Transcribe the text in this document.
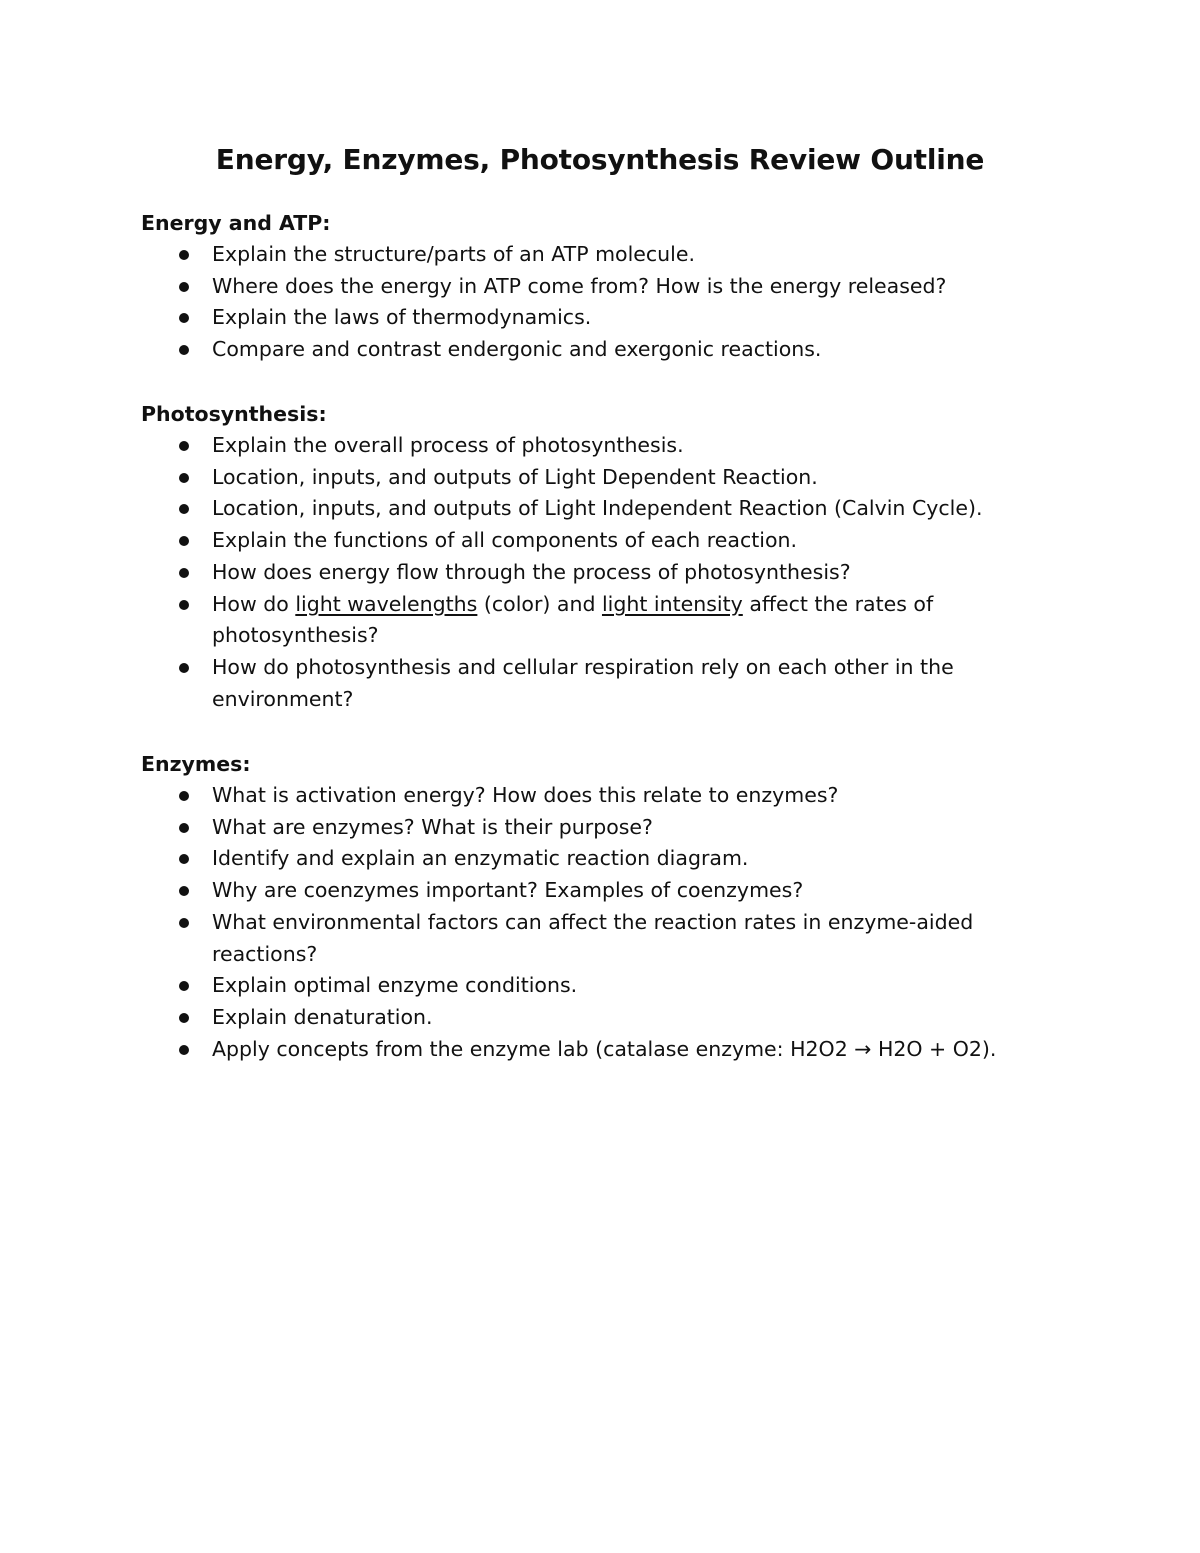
Energy, Enzymes, Photosynthesis Review Outline
Energy and ATP:
Explain the structure/parts of an ATP molecule.
Where does the energy in ATP come from? How is the energy released?
Explain the laws of thermodynamics.
Compare and contrast endergonic and exergonic reactions.
Photosynthesis:
Explain the overall process of photosynthesis.
Location, inputs, and outputs of Light Dependent Reaction.
Location, inputs, and outputs of Light Independent Reaction (Calvin Cycle).
Explain the functions of all components of each reaction.
How does energy flow through the process of photosynthesis?
How do light wavelengths (color) and light intensity affect the rates of
photosynthesis?
How do photosynthesis and cellular respiration rely on each other in the
environment?
Enzymes:
What is activation energy? How does this relate to enzymes?
What are enzymes? What is their purpose?
Identify and explain an enzymatic reaction diagram.
Why are coenzymes important? Examples of coenzymes?
What environmental factors can affect the reaction rates in enzyme-aided
reactions?
Explain optimal enzyme conditions.
Explain denaturation.
Apply concepts from the enzyme lab (catalase enzyme: H2O2 → H2O + O2).
